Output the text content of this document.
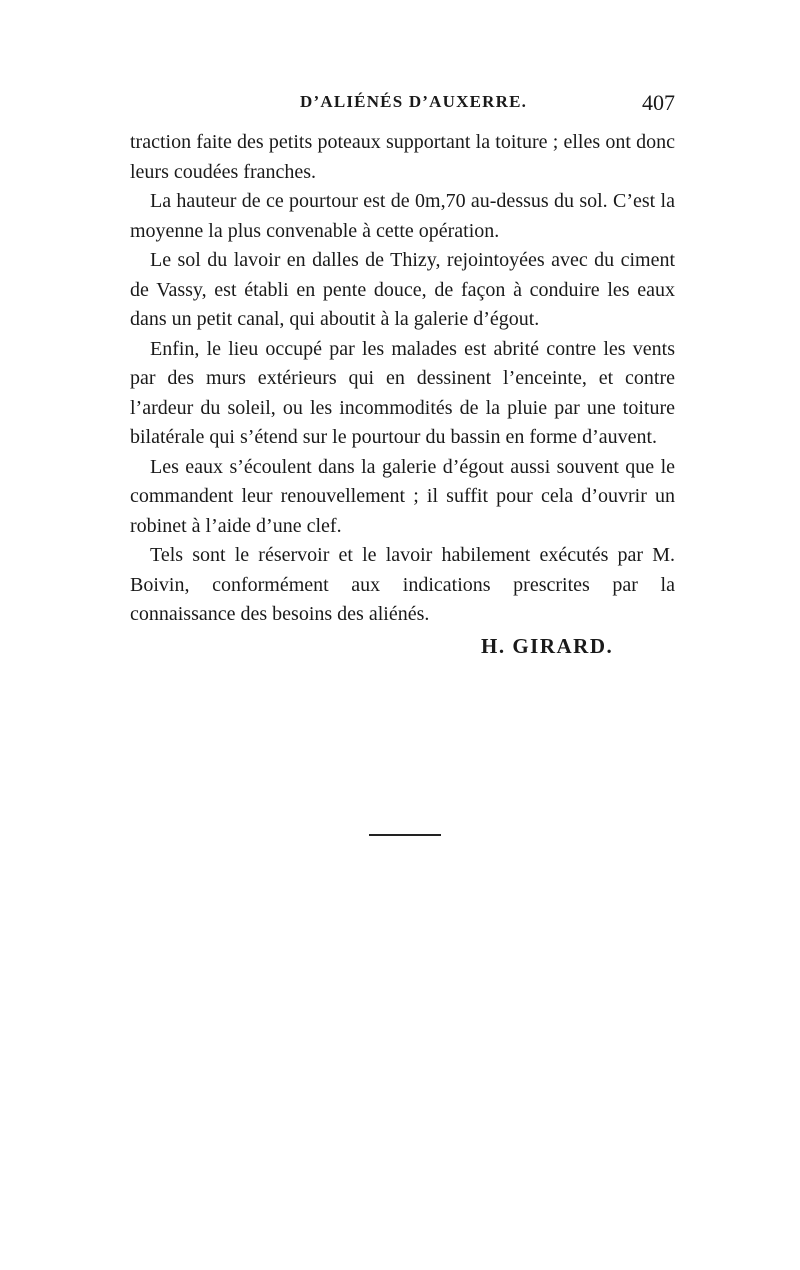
D’ALIÉNÉS D’AUXERRE.	407

traction faite des petits poteaux supportant la toiture ; elles ont donc leurs coudées franches.

La hauteur de ce pourtour est de 0m,70 au-dessus du sol. C’est la moyenne la plus convenable à cette opération.

Le sol du lavoir en dalles de Thizy, rejointoyées avec du ciment de Vassy, est établi en pente douce, de façon à conduire les eaux dans un petit canal, qui aboutit à la galerie d’égout.

Enfin, le lieu occupé par les malades est abrité contre les vents par des murs extérieurs qui en dessinent l’enceinte, et contre l’ardeur du soleil, ou les incommodités de la pluie par une toiture bilatérale qui s’étend sur le pourtour du bassin en forme d’auvent.

Les eaux s’écoulent dans la galerie d’égout aussi souvent que le commandent leur renouvellement ; il suffit pour cela d’ouvrir un robinet à l’aide d’une clef.

Tels sont le réservoir et le lavoir habilement exécutés par M. Boivin, conformément aux indications prescrites par la connaissance des besoins des aliénés.

H. GIRARD.
